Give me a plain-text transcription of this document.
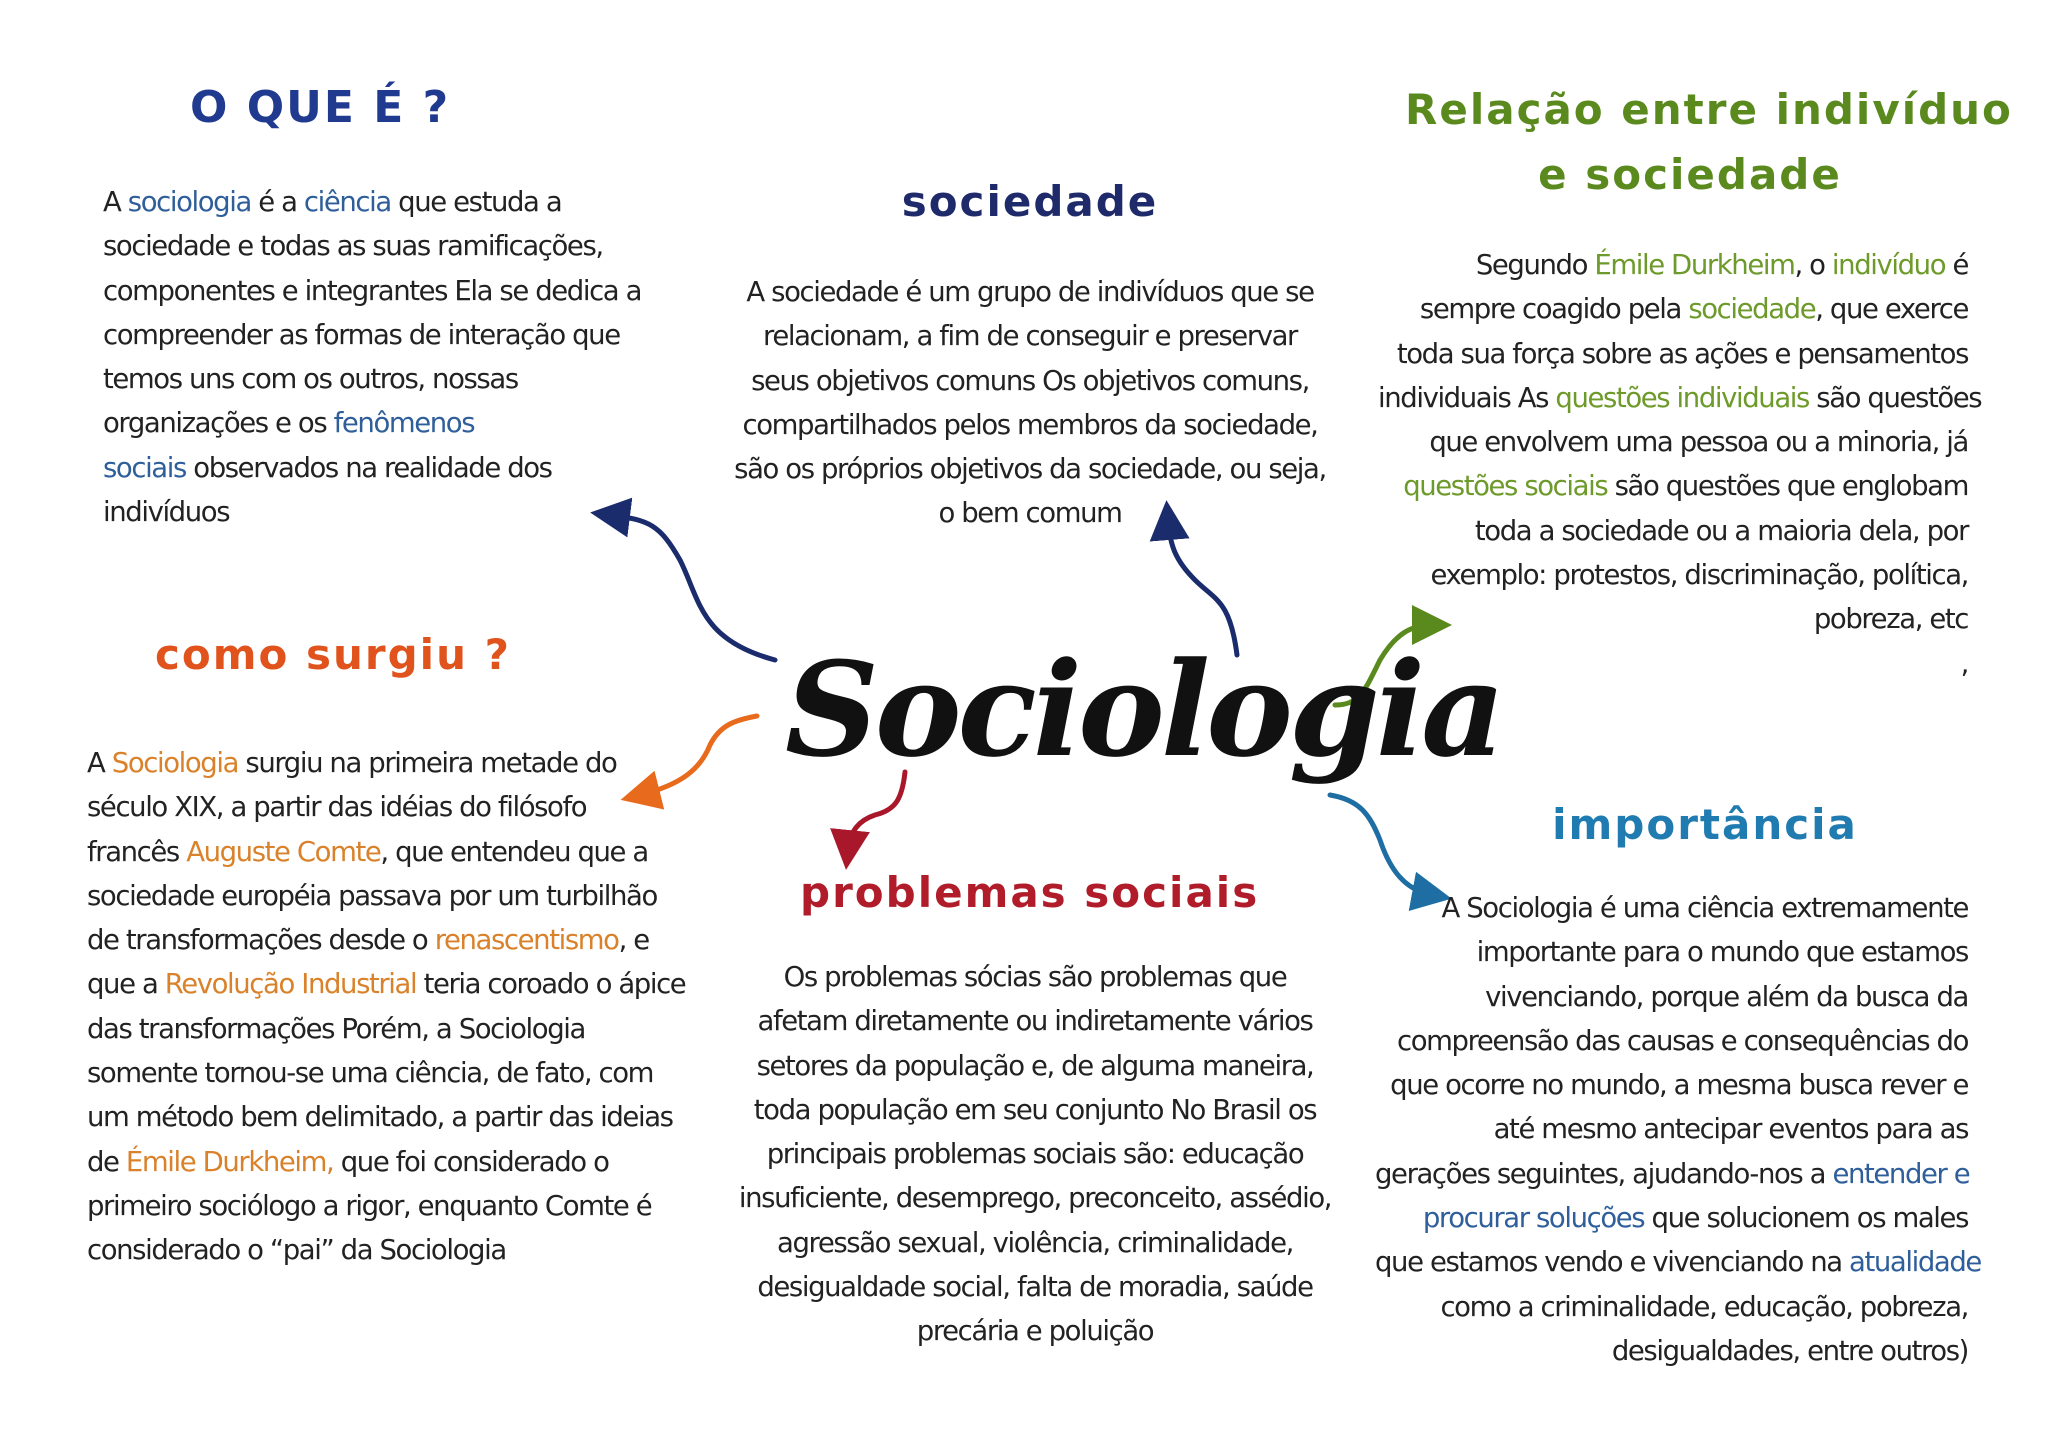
Sociologia
O QUE É ?
A sociologia é a ciência que estuda a
sociedade e todas as suas ramificações,
componentes e integrantes Ela se dedica a
compreender as formas de interação que
temos uns com os outros, nossas
organizações e os fenômenos
sociais observados na realidade dos
indivíduos
sociedade
A sociedade é um grupo de indivíduos que se
relacionam, a fim de conseguir e preservar
seus objetivos comuns Os objetivos comuns,
compartilhados pelos membros da sociedade,
são os próprios objetivos da sociedade, ou seja,
o bem comum
Relação entre indivíduo
e sociedade
Segundo Émile Durkheim, o indivíduo é
sempre coagido pela sociedade, que exerce
toda sua força sobre as ações e pensamentos
individuais As questões individuais são questões
que envolvem uma pessoa ou a minoria, já
questões sociais são questões que englobam
toda a sociedade ou a maioria dela, por
exemplo: protestos, discriminação, política,
pobreza, etc
,
como surgiu ?
A Sociologia surgiu na primeira metade do
século XIX, a partir das idéias do filósofo
francês Auguste Comte, que entendeu que a
sociedade européia passava por um turbilhão
de transformações desde o renascentismo, e
que a Revolução Industrial teria coroado o ápice
das transformações Porém, a Sociologia
somente tornou-se uma ciência, de fato, com
um método bem delimitado, a partir das ideias
de Émile Durkheim, que foi considerado o
primeiro sociólogo a rigor, enquanto Comte é
considerado o “pai” da Sociologia
problemas sociais
Os problemas sócias são problemas que
afetam diretamente ou indiretamente vários
setores da população e, de alguma maneira,
toda população em seu conjunto No Brasil os
principais problemas sociais são: educação
insuficiente, desemprego, preconceito, assédio,
agressão sexual, violência, criminalidade,
desigualdade social, falta de moradia, saúde
precária e poluição
importância
A Sociologia é uma ciência extremamente
importante para o mundo que estamos
vivenciando, porque além da busca da
compreensão das causas e consequências do
que ocorre no mundo, a mesma busca rever e
até mesmo antecipar eventos para as
gerações seguintes, ajudando-nos a entender e
procurar soluções que solucionem os males
que estamos vendo e vivenciando na atualidade
como a criminalidade, educação, pobreza,
desigualdades, entre outros)
